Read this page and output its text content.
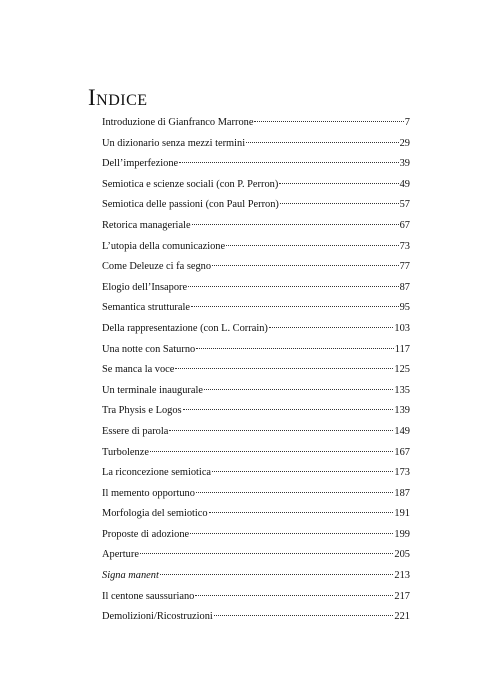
Indice
Introduzione di Gianfranco Marrone	7
Un dizionario senza mezzi termini	29
Dell’imperfezione	39
Semiotica e scienze sociali (con P. Perron)	49
Semiotica delle passioni (con Paul Perron)	57
Retorica manageriale	67
L’utopia della comunicazione	73
Come Deleuze ci fa segno	77
Elogio dell’Insapore	87
Semantica strutturale	95
Della rappresentazione (con L. Corrain)	103
Una notte con Saturno	117
Se manca la voce	125
Un terminale inaugurale	135
Tra Physis e Logos	139
Essere di parola	149
Turbolenze	167
La riconcezione semiotica	173
Il memento opportuno	187
Morfologia del semiotico	191
Proposte di adozione	199
Aperture	205
Signa manent	213
Il centone saussuriano	217
Demolizioni/Ricostruzioni	221
